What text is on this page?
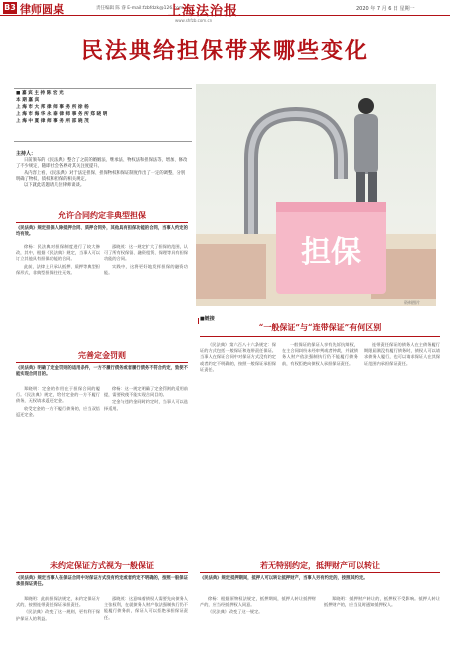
B3 律师圆桌	责任编辑 陈 睿 E-mail:fzbfdzk@126.com
上海法治报	2020 年 7 月 6 日 星期一
www.shfzb.com.cn
民法典给担保带来哪些变化
■ 嘉 宾 主 持 陈 宏 光
本 期 嘉 宾
上 海 市 大 邦 律 师 事 务 所 徐 杨
上 海 市 海 华 永 泰 律 师 事 务 所 郑 晓 明
上 海 中 夏 律 师 事 务 所 邵 晓 茂
主持人：

日前颁布的《民法典》整合了之前的婚姻法、继承法、物权法和担保法等，增加、修改了不少规定，随即社会各界对其关注度提升。

从内容上看，《民法典》对于法定担保、担保物权和保证制度作出了一定的调整，分别明确了物权、债权和担保的相关规定。

以下就此话题请几位律师谈谈。

允许合同约定非典型担保
《民法典》规定担保人除抵押合同、质押合同外，其他具有担保功能的合同，当事人约定的均有效。

徐杨：民法典对担保制度进行了较大修改，其中，根据《民法典》规定，当事人可以订立其他具有担保功能的合同。

此前，法律上只承认抵押、质押等典型担保形式，非典型担保往往无效。

邵晓茂：这一规定扩大了担保的范围，认可了所有权保留、融资租赁、保理等具有担保功能的合同。

实践中，这将更好地发挥担保的融资功能。

完善定金罚则
《民法典》明确了定金罚则的适用条件，一方不履行债务或者履行债务不符合约定，致使不能实现合同目的。

郑晓明：定金的作用在于担保合同的履行。《民法典》规定，给付定金的一方不履行债务，无权请求返还定金。

收受定金的一方不履行债务的，应当双倍返还定金。

徐杨：这一规定明确了定金罚则的适用前提，需要致使不能实现合同目的。

定金与违约金同时约定时，当事人可以选择适用。

未约定保证方式视为一般保证
《民法典》规定当事人在保证合同中对保证方式没有约定或者约定不明确的，按照一般保证承担保证责任。

郑晓明：此前担保法规定，未约定保证方式的，按照连带责任保证承担责任。

《民法典》改变了这一规则，更有利于保护保证人的利益。

邵晓茂：这意味着债权人需要先向债务人主张权利，在就债务人财产依法强制执行仍不能履行债务前，保证人可以拒绝承担保证责任。

若无特别约定，抵押财产可以转让
《民法典》规定抵押期间，抵押人可以转让抵押财产，当事人另有约定的，按照其约定。

徐杨：根据原物权法规定，抵押期间，抵押人转让抵押财产的，应当经抵押权人同意。

《民法典》改变了这一规定。

郑晓明：抵押财产转让的，抵押权不受影响。抵押人转让抵押财产的，应当及时通知抵押权人。

担保
资料图片
■链接
“一般保证”与“连带保证”有何区别

《民法典》第六百八十六条规定：保证的方式包括一般保证和连带责任保证。当事人在保证合同中对保证方式没有约定或者约定不明确的，按照一般保证承担保证责任。

一般保证的保证人享有先诉抗辩权，在主合同纠纷未经审判或者仲裁，并就债务人财产依法强制执行仍不能履行债务前，有权拒绝向债权人承担保证责任。

连带责任保证的债务人在主债务履行期限届满没有履行债务时，债权人可以请求债务人履行，也可以请求保证人在其保证范围内承担保证责任。
